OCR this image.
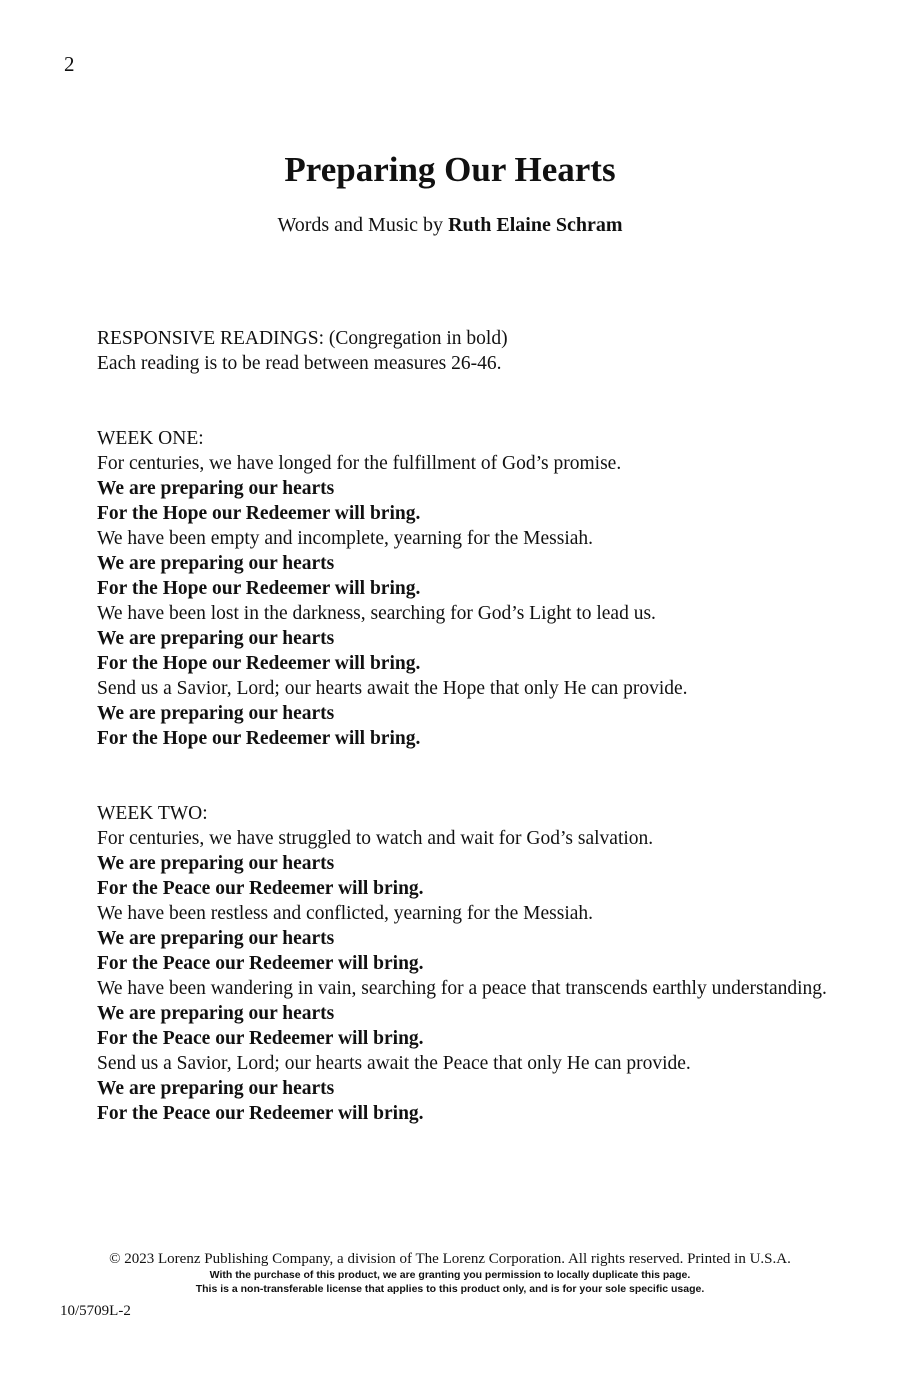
2
Preparing Our Hearts
Words and Music by Ruth Elaine Schram
RESPONSIVE READINGS: (Congregation in bold)
Each reading is to be read between measures 26-46.
WEEK ONE:
For centuries, we have longed for the fulfillment of God’s promise.
We are preparing our hearts
For the Hope our Redeemer will bring.
We have been empty and incomplete, yearning for the Messiah.
We are preparing our hearts
For the Hope our Redeemer will bring.
We have been lost in the darkness, searching for God’s Light to lead us.
We are preparing our hearts
For the Hope our Redeemer will bring.
Send us a Savior, Lord; our hearts await the Hope that only He can provide.
We are preparing our hearts
For the Hope our Redeemer will bring.
WEEK TWO:
For centuries, we have struggled to watch and wait for God’s salvation.
We are preparing our hearts
For the Peace our Redeemer will bring.
We have been restless and conflicted, yearning for the Messiah.
We are preparing our hearts
For the Peace our Redeemer will bring.
We have been wandering in vain, searching for a peace that transcends earthly understanding.
We are preparing our hearts
For the Peace our Redeemer will bring.
Send us a Savior, Lord; our hearts await the Peace that only He can provide.
We are preparing our hearts
For the Peace our Redeemer will bring.
© 2023 Lorenz Publishing Company, a division of The Lorenz Corporation. All rights reserved. Printed in U.S.A.
With the purchase of this product, we are granting you permission to locally duplicate this page.
This is a non-transferable license that applies to this product only, and is for your sole specific usage.
10/5709L-2
